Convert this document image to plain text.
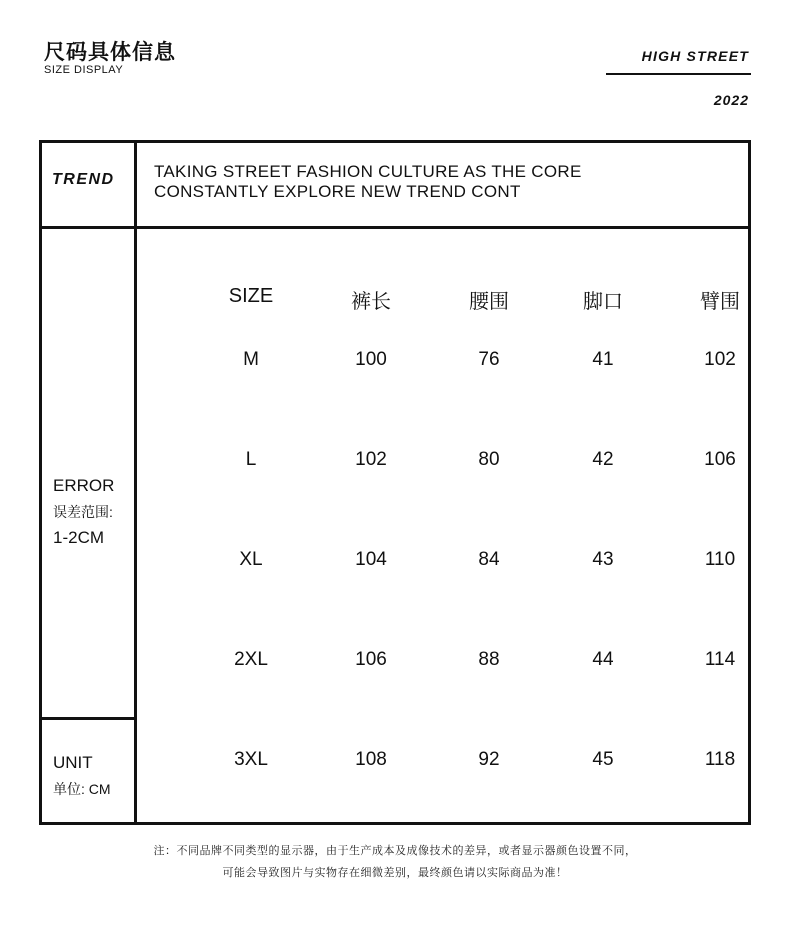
尺码具体信息
SIZE DISPLAY
HIGH STREET
2022
TREND TAKING STREET FASHION CULTURE AS THE CORE
CONSTANTLY EXPLORE NEW TREND CONT
ERROR
误差范围:
1-2CM
UNIT
单位: CM
SIZE	裤长	腰围	脚口	臂围
M	100	76	41	102
L	102	80	42	106
XL	104	84	43	110
2XL	106	88	44	114
3XL	108	92	45	118
注：不同品牌不同类型的显示器，由于生产成本及成像技术的差异，或者显示器颜色设置不同，
可能会导致图片与实物存在细微差别，最终颜色请以实际商品为准！
